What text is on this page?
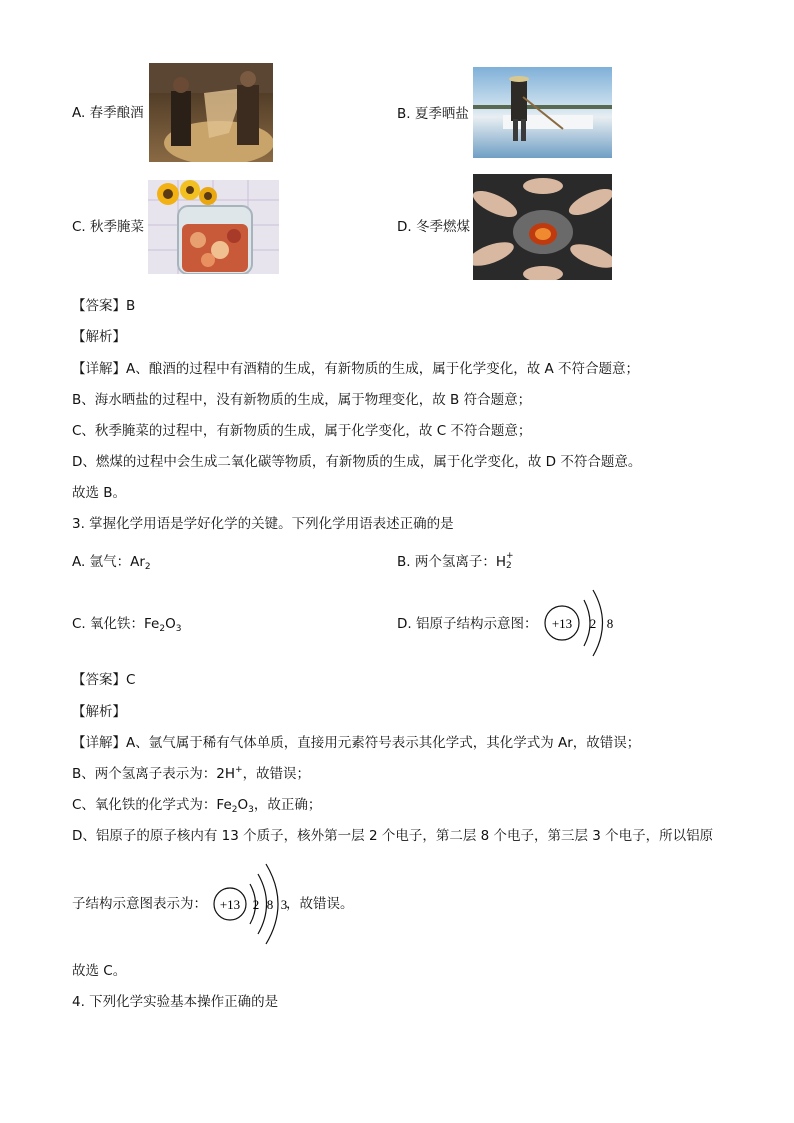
A. 春季酿酒	B. 夏季晒盐
C. 秋季腌菜	D. 冬季燃煤
【答案】B
【解析】
【详解】A、酿酒的过程中有酒精的生成，有新物质的生成，属于化学变化，故 A 不符合题意；
B、海水晒盐的过程中，没有新物质的生成，属于物理变化，故 B 符合题意；
C、秋季腌菜的过程中，有新物质的生成，属于化学变化，故 C 不符合题意；
D、燃煤的过程中会生成二氧化碳等物质，有新物质的生成，属于化学变化，故 D 不符合题意。
故选 B。
3. 掌握化学用语是学好化学的关键。下列化学用语表述正确的是
A. 氩气：$Ar_2$	B. 两个氢离子：H +
2
C. 氧化铁：$Fe_2O_3$	D. 铝原子结构示意图： +13 2 8
【答案】C
【解析】
【详解】A、氩气属于稀有气体单质，直接用元素符号表示其化学式，其化学式为 Ar，故错误；
B、两个氢离子表示为：2H+，故错误；
C、氧化铁的化学式为：$Fe_2O_3$，故正确；
D、铝原子的原子核内有 13 个质子，核外第一层 2 个电子，第二层 8 个电子，第三层 3 个电子，所以铝原
子结构示意图表示为： +13 2 8 3
，故错误。
故选 C。
4. 下列化学实验基本操作正确的是
